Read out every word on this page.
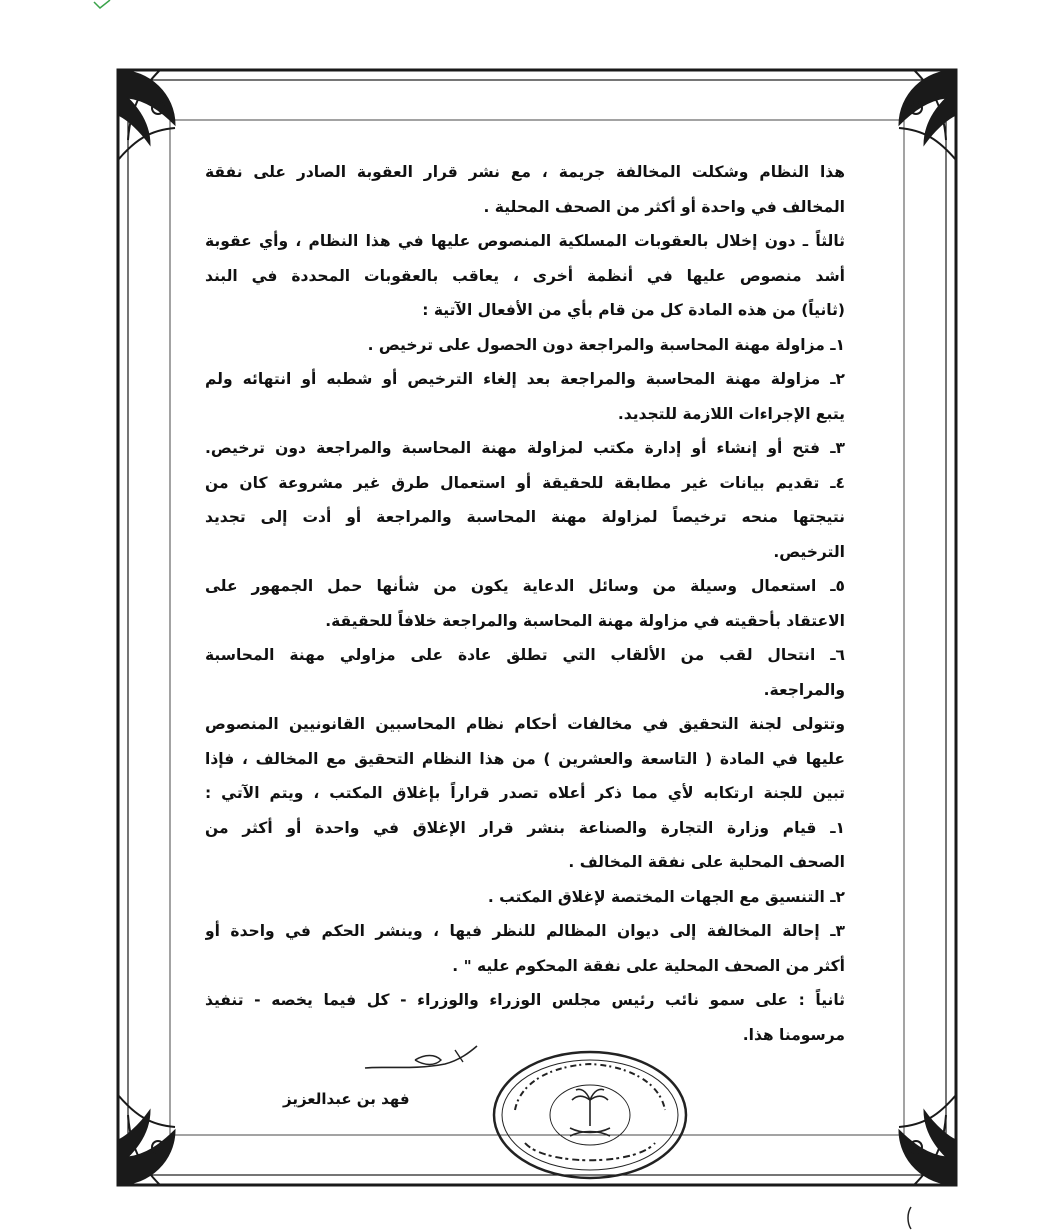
هذا النظام وشكلت المخالفة جريمة ، مع نشر قرار العقوبة الصادر على نفقة
المخالف في واحدة أو أكثر من الصحف المحلية .
ثالثاً ـ دون إخلال بالعقوبات المسلكية المنصوص عليها في هذا النظام ، وأي عقوبة
أشد منصوص عليها في أنظمة أخرى ، يعاقب بالعقوبات المحددة في البند
(ثانياً) من هذه المادة كل من قام بأي من الأفعال الآتية :
١ـ مزاولة مهنة المحاسبة والمراجعة دون الحصول على ترخيص .
٢ـ مزاولة مهنة المحاسبة والمراجعة بعد إلغاء الترخيص أو شطبه أو انتهائه ولم
يتبع الإجراءات اللازمة للتجديد.
٣ـ فتح أو إنشاء أو إدارة مكتب لمزاولة مهنة المحاسبة والمراجعة دون ترخيص.
٤ـ تقديم بيانات غير مطابقة للحقيقة أو استعمال طرق غير مشروعة كان من
نتيجتها منحه ترخيصاً لمزاولة مهنة المحاسبة والمراجعة أو أدت إلى تجديد
الترخيص.
٥ـ استعمال وسيلة من وسائل الدعاية يكون من شأنها حمل الجمهور على
الاعتقاد بأحقيته في مزاولة مهنة المحاسبة والمراجعة خلافاً للحقيقة.
٦ـ انتحال لقب من الألقاب التي تطلق عادة على مزاولي مهنة المحاسبة
والمراجعة.
وتتولى لجنة التحقيق في مخالفات أحكام نظام المحاسبين القانونيين المنصوص
عليها في المادة ( التاسعة والعشرين ) من هذا النظام التحقيق مع المخالف ، فإذا
تبين للجنة ارتكابه لأي مما ذكر أعلاه تصدر قراراً بإغلاق المكتب ، ويتم الآتي :
١ـ قيام وزارة التجارة والصناعة بنشر قرار الإغلاق في واحدة أو أكثر من
الصحف المحلية على نفقة المخالف .
٢ـ التنسيق مع الجهات المختصة لإغلاق المكتب .
٣ـ إحالة المخالفة إلى ديوان المظالم للنظر فيها ، وينشر الحكم في واحدة أو
أكثر من الصحف المحلية على نفقة المحكوم عليه " .
ثانياً : على سمو نائب رئيس مجلس الوزراء والوزراء - كل فيما يخصه - تنفيذ
مرسومنا هذا.
فهد بن عبدالعزيز
